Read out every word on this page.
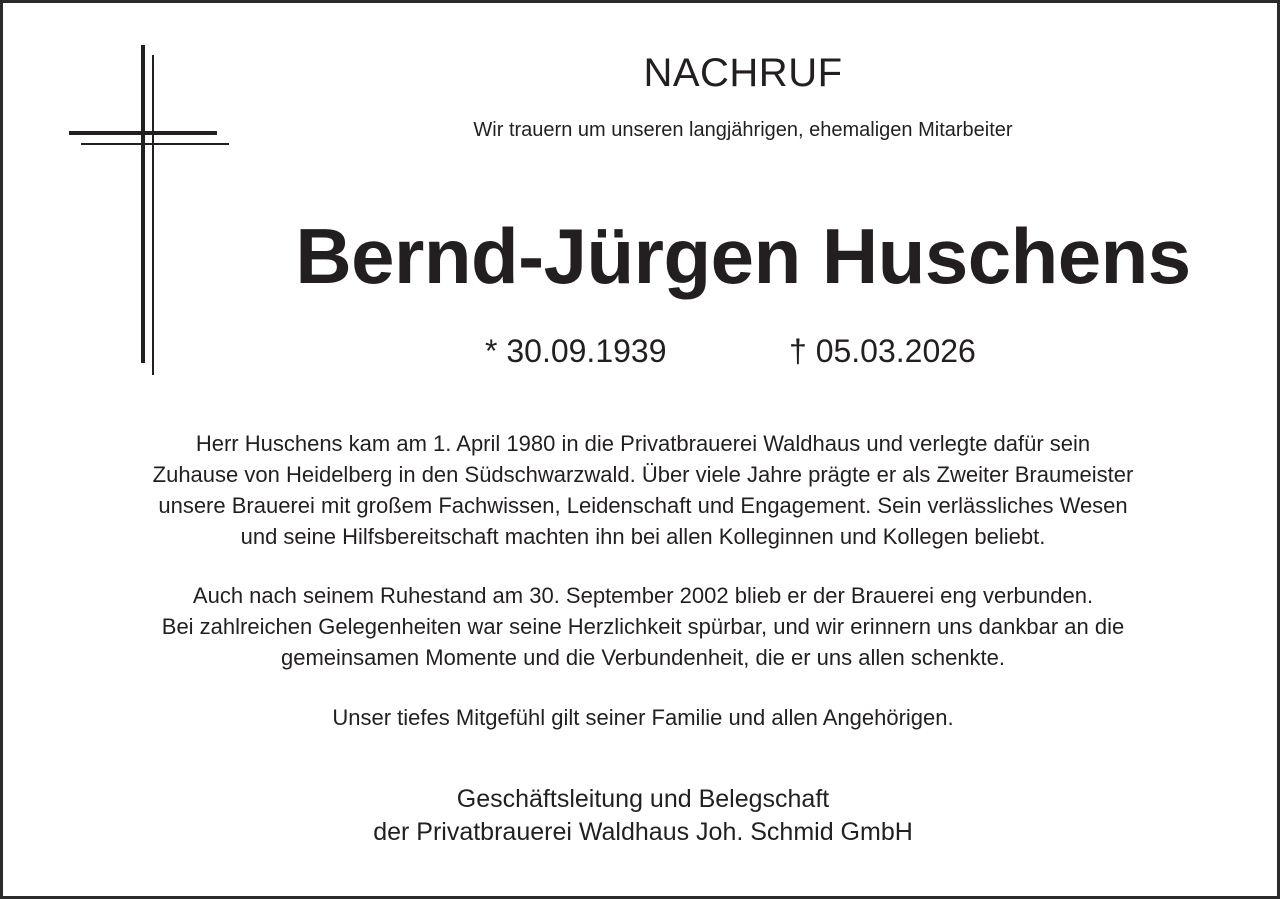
NACHRUF
Wir trauern um unseren langjährigen, ehemaligen Mitarbeiter
Bernd-Jürgen Huschens
* 30.09.1939	† 05.03.2026
Herr Huschens kam am 1. April 1980 in die Privatbrauerei Waldhaus und verlegte dafür sein
Zuhause von Heidelberg in den Südschwarzwald. Über viele Jahre prägte er als Zweiter Braumeister
unsere Brauerei mit großem Fachwissen, Leidenschaft und Engagement. Sein verlässliches Wesen
und seine Hilfsbereitschaft machten ihn bei allen Kolleginnen und Kollegen beliebt.
Auch nach seinem Ruhestand am 30. September 2002 blieb er der Brauerei eng verbunden.
Bei zahlreichen Gelegenheiten war seine Herzlichkeit spürbar, und wir erinnern uns dankbar an die
gemeinsamen Momente und die Verbundenheit, die er uns allen schenkte.
Unser tiefes Mitgefühl gilt seiner Familie und allen Angehörigen.
Geschäftsleitung und Belegschaft
der Privatbrauerei Waldhaus Joh. Schmid GmbH
